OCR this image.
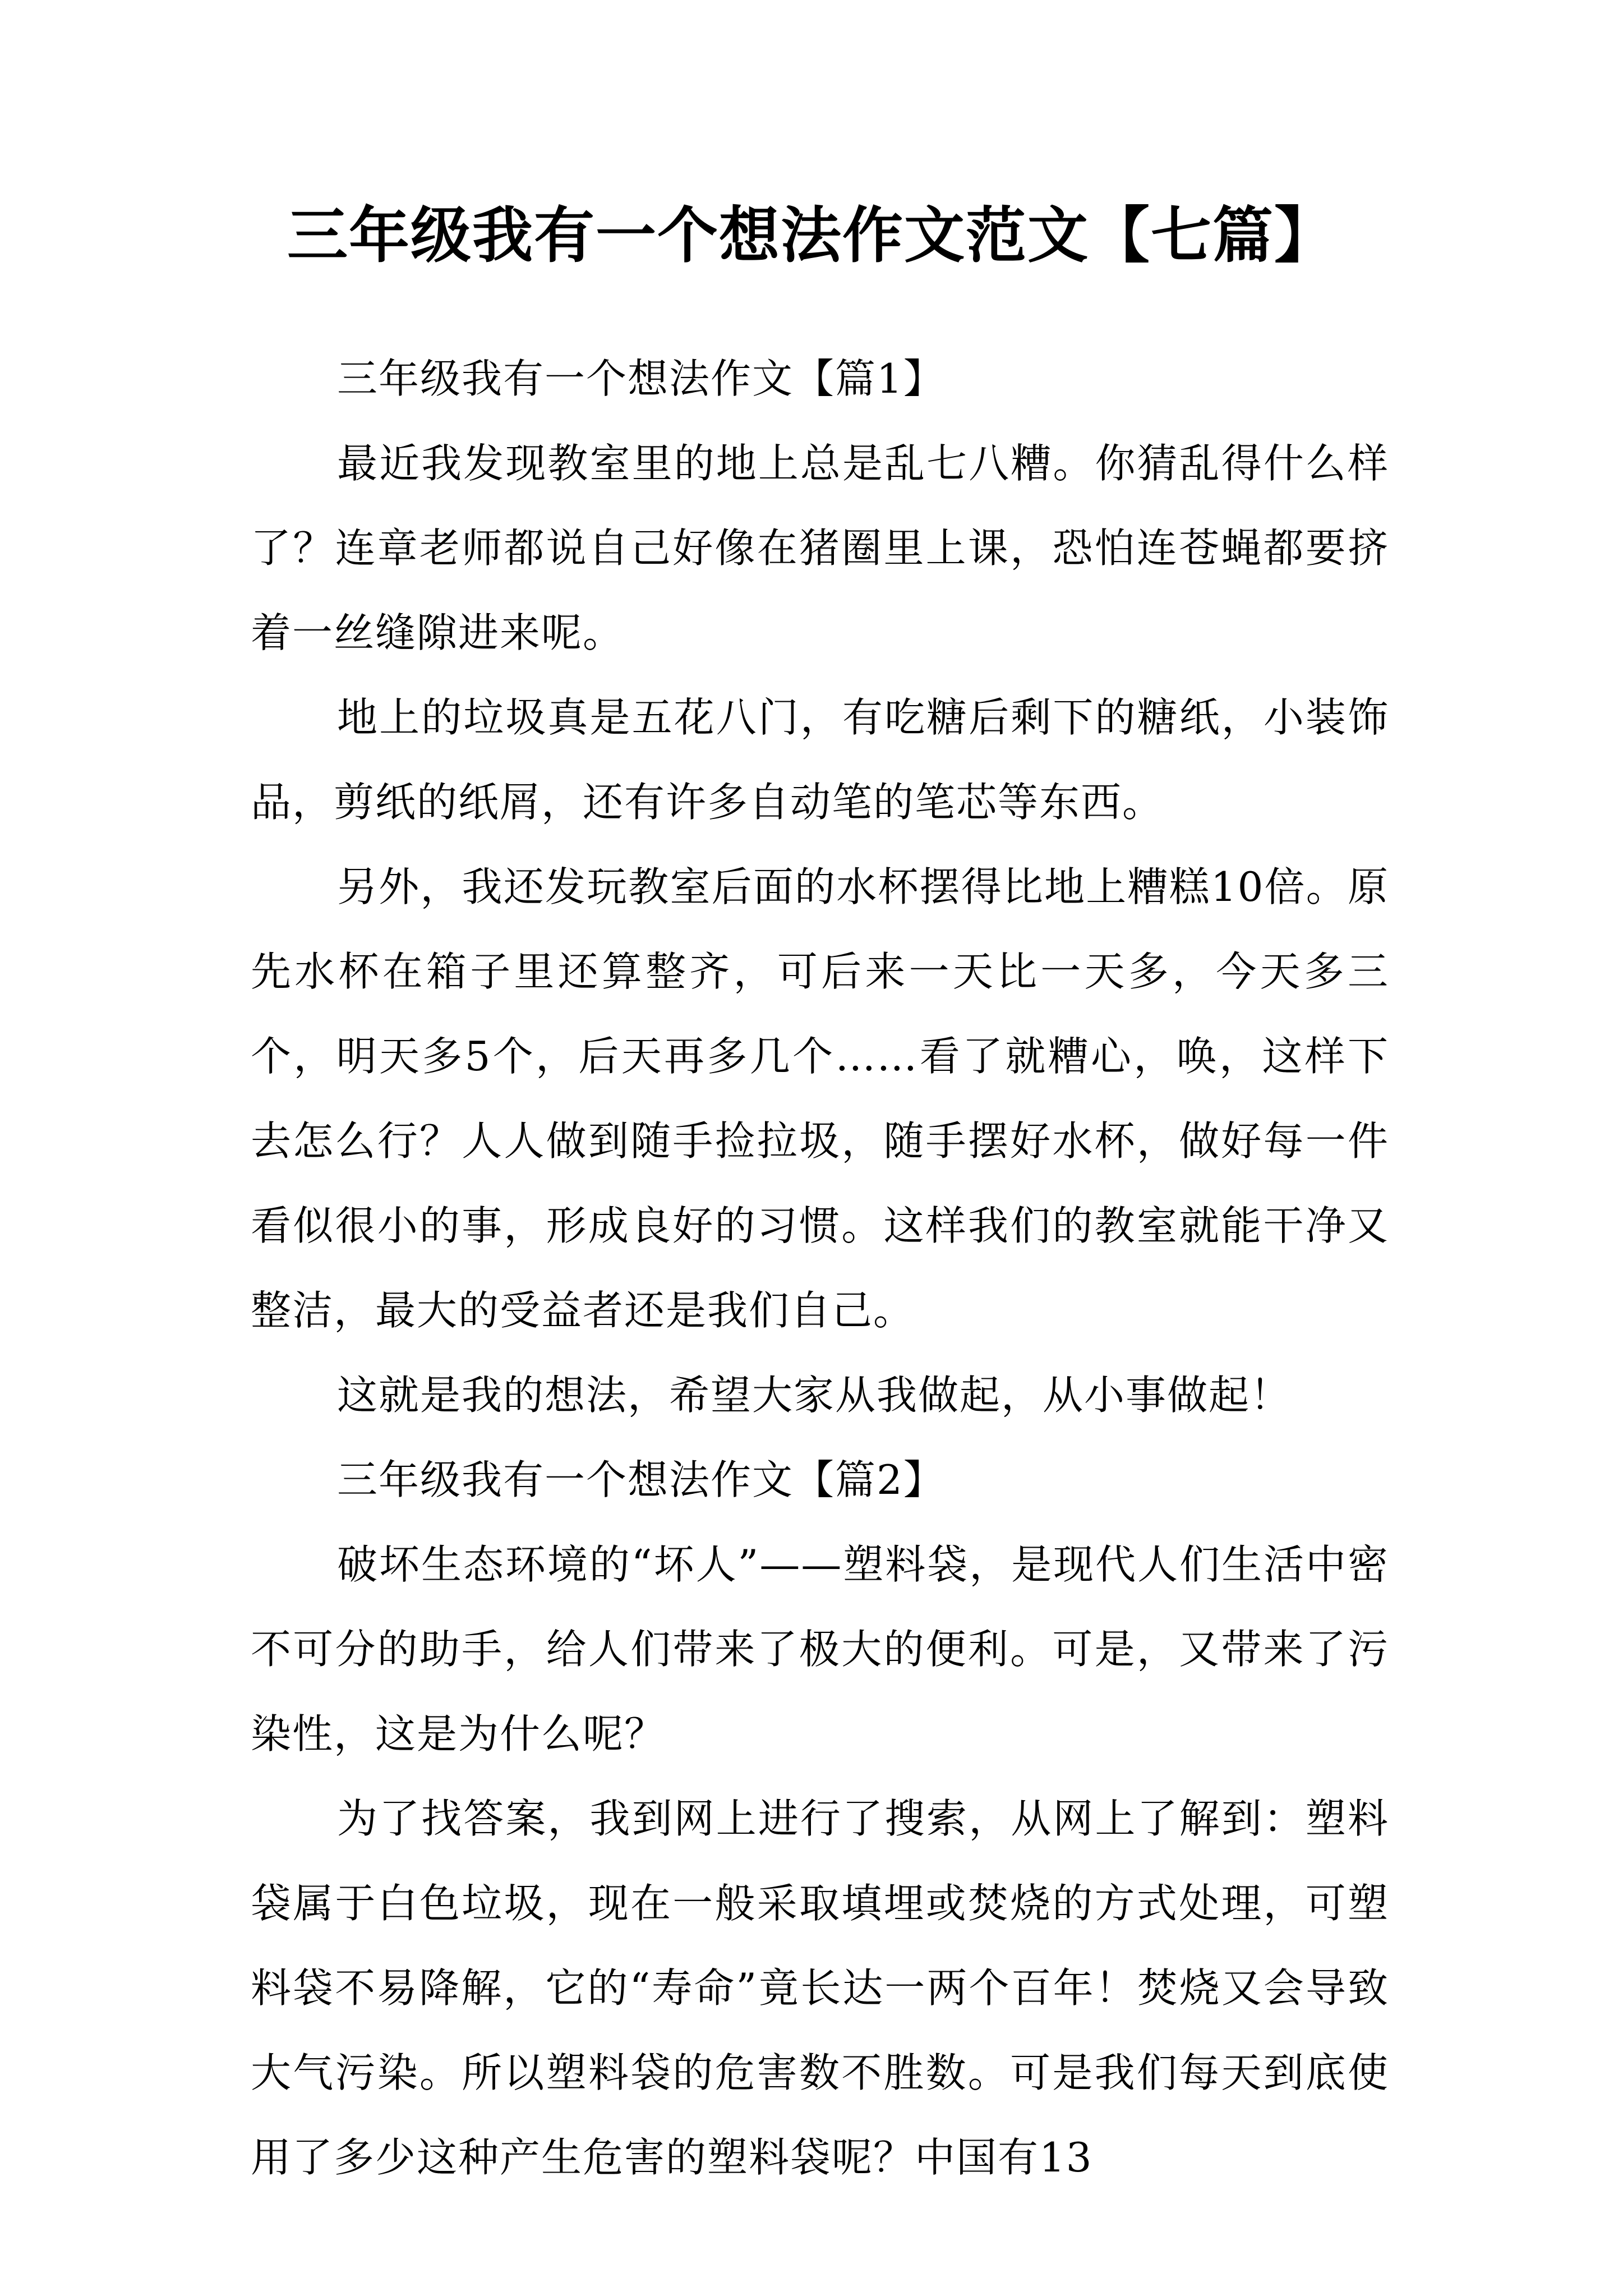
三年级我有一个想法作文范文【七篇】

三年级我有一个想法作文【篇1】

最近我发现教室里的地上总是乱七八糟。你猜乱得什么样了？连章老师都说自己好像在猪圈里上课，恐怕连苍蝇都要挤着一丝缝隙进来呢。

地上的垃圾真是五花八门，有吃糖后剩下的糖纸，小装饰品，剪纸的纸屑，还有许多自动笔的笔芯等东西。

另外，我还发玩教室后面的水杯摆得比地上糟糕10倍。原先水杯在箱子里还算整齐，可后来一天比一天多，今天多三个，明天多5个，后天再多几个……看了就糟心，唤，这样下去怎么行？人人做到随手捡拉圾，随手摆好水杯，做好每一件看似很小的事，形成良好的习惯。这样我们的教室就能干净又整洁，最大的受益者还是我们自己。

这就是我的想法，希望大家从我做起，从小事做起！

三年级我有一个想法作文【篇2】

破坏生态环境的“坏人”——塑料袋，是现代人们生活中密不可分的助手，给人们带来了极大的便利。可是，又带来了污染性，这是为什么呢？

为了找答案，我到网上进行了搜索，从网上了解到：塑料袋属于白色垃圾，现在一般采取填埋或焚烧的方式处理，可塑料袋不易降解，它的“寿命”竟长达一两个百年！焚烧又会导致大气污染。所以塑料袋的危害数不胜数。可是我们每天到底使用了多少这种产生危害的塑料袋呢？中国有13
